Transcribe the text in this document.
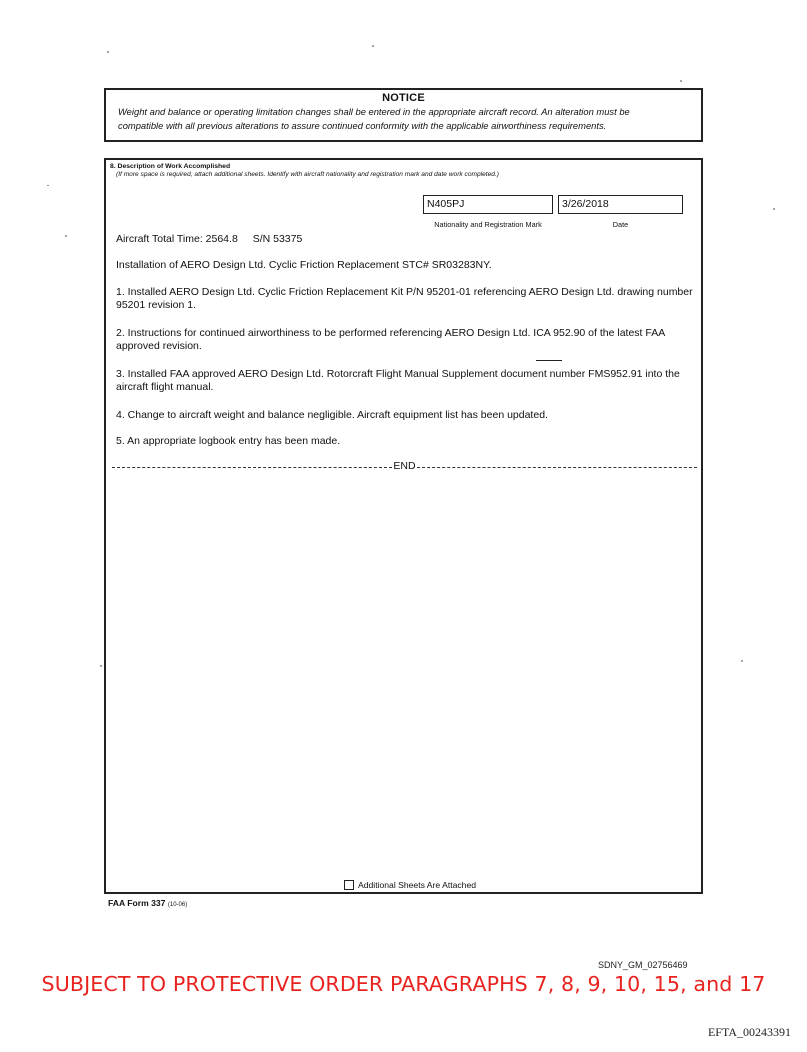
NOTICE
Weight and balance or operating limitation changes shall be entered in the appropriate aircraft record. An alteration must be
compatible with all previous alterations to assure continued conformity with the applicable airworthiness requirements.
8. Description of Work Accomplished
(If more space is required, attach additional sheets. Identify with aircraft nationality and registration mark and date work completed.)
N405PJ	3/26/2018
Nationality and Registration Mark	Date
Aircraft Total Time: 2564.8 S/N 53375
Installation of AERO Design Ltd. Cyclic Friction Replacement STC# SR03283NY.
1. Installed AERO Design Ltd. Cyclic Friction Replacement Kit P/N 95201-01 referencing AERO Design Ltd. drawing number 95201 revision 1.
2. Instructions for continued airworthiness to be performed referencing AERO Design Ltd. ICA 952.90 of the latest FAA approved revision.
3. Installed FAA approved AERO Design Ltd. Rotorcraft Flight Manual Supplement document number FMS952.91 into the aircraft flight manual.
4. Change to aircraft weight and balance negligible. Aircraft equipment list has been updated.
5. An appropriate logbook entry has been made.
END
Additional Sheets Are Attached
FAA Form 337 (10-06)
SDNY_GM_02756469
SUBJECT TO PROTECTIVE ORDER PARAGRAPHS 7, 8, 9, 10, 15, and 17
EFTA_00243391
